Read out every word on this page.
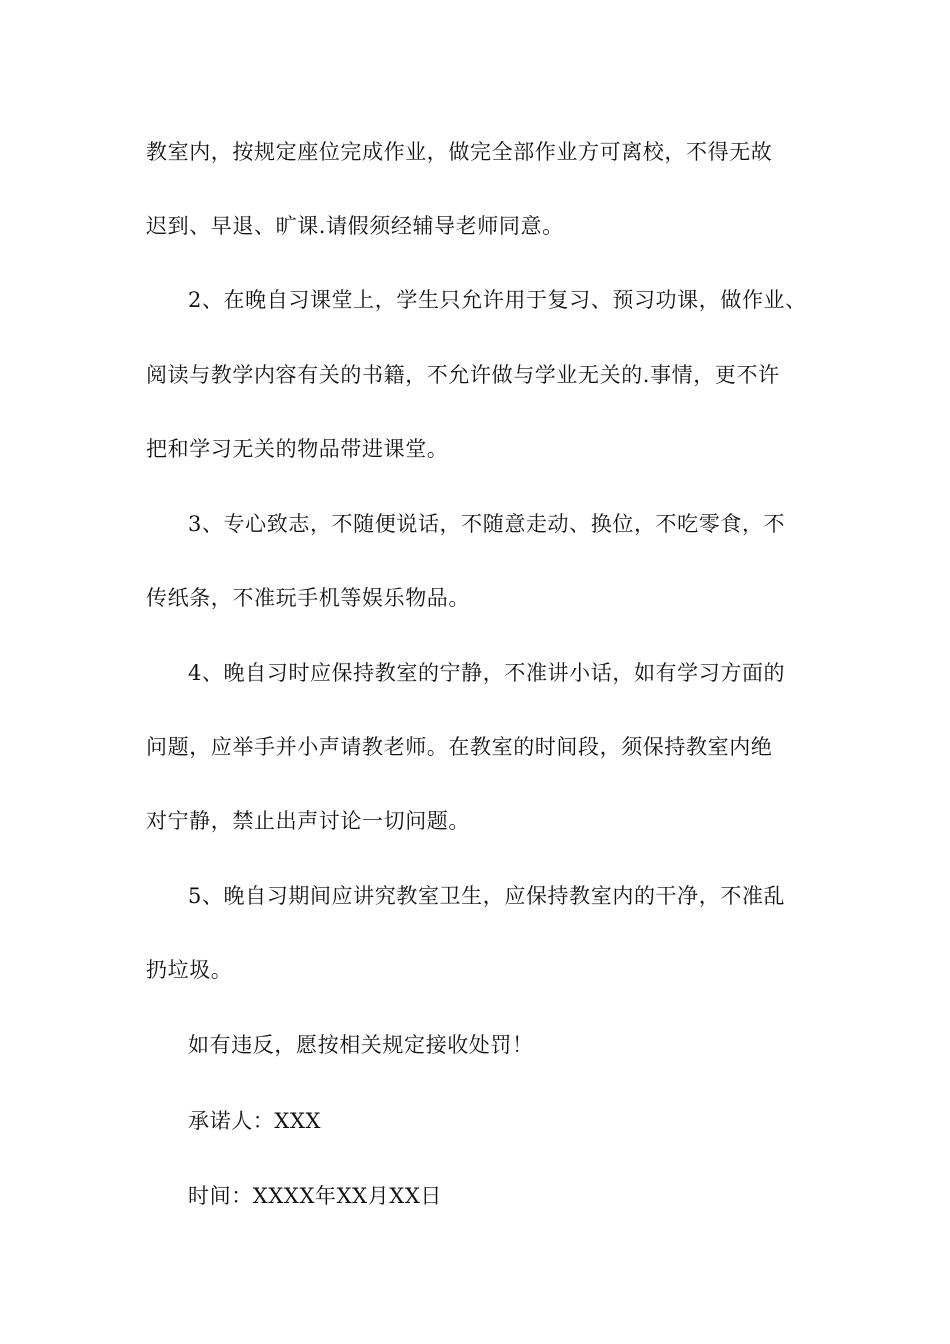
教室内，按规定座位完成作业，做完全部作业方可离校，不得无故
迟到、早退、旷课.请假须经辅导老师同意。
2、在晚自习课堂上，学生只允许用于复习、预习功课，做作业、
阅读与教学内容有关的书籍，不允许做与学业无关的.事情，更不许
把和学习无关的物品带进课堂。
3、专心致志，不随便说话，不随意走动、换位，不吃零食，不
传纸条，不准玩手机等娱乐物品。
4、晚自习时应保持教室的宁静，不准讲小话，如有学习方面的
问题，应举手并小声请教老师。在教室的时间段，须保持教室内绝
对宁静，禁止出声讨论一切问题。
5、晚自习期间应讲究教室卫生，应保持教室内的干净，不准乱
扔垃圾。
如有违反，愿按相关规定接收处罚！
承诺人：XXX
时间：XXXX年XX月XX日
